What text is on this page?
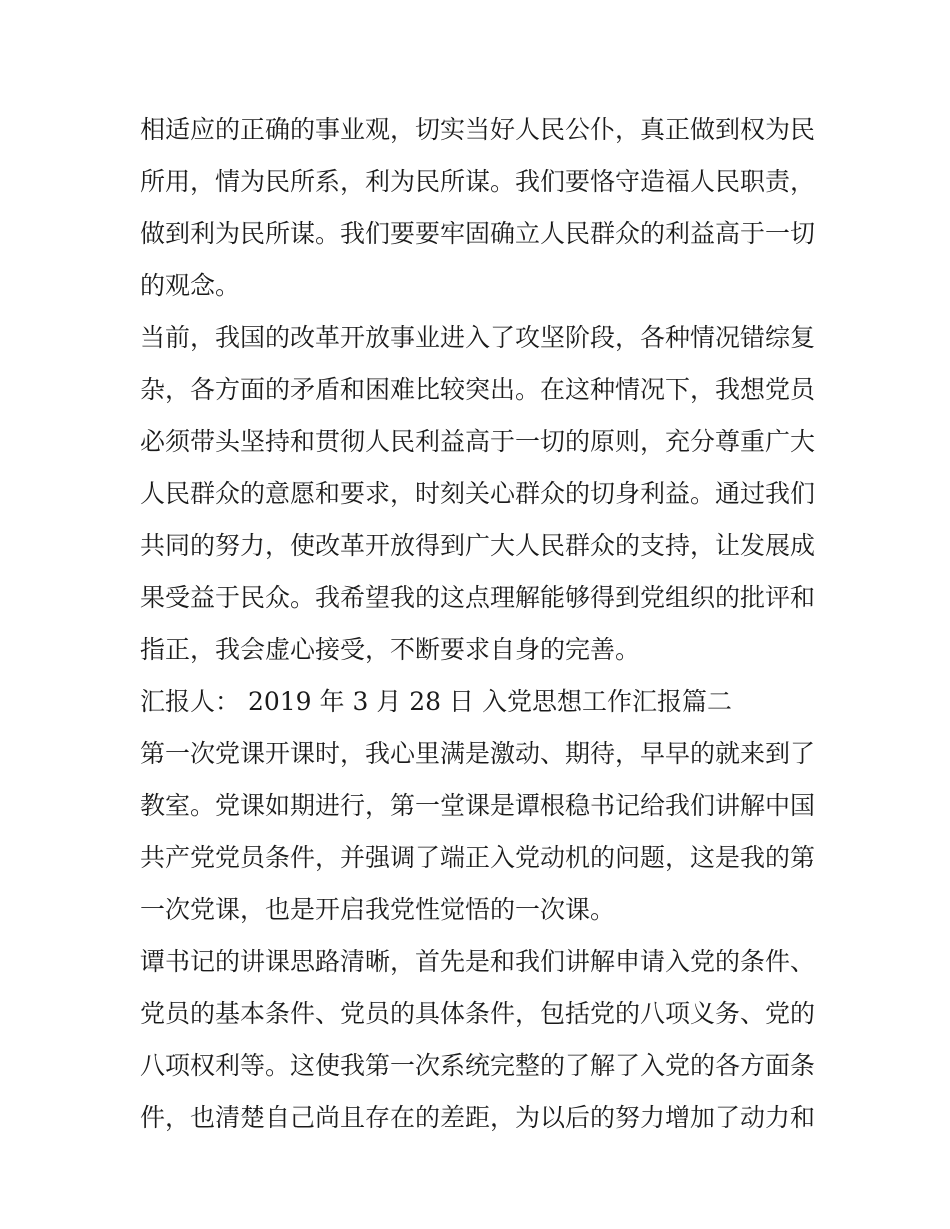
相适应的正确的事业观，切实当好人民公仆，真正做到权为民
所用，情为民所系，利为民所谋。我们要恪守造福人民职责，
做到利为民所谋。我们要要牢固确立人民群众的利益高于一切
的观念。
当前，我国的改革开放事业进入了攻坚阶段，各种情况错综复
杂，各方面的矛盾和困难比较突出。在这种情况下，我想党员
必须带头坚持和贯彻人民利益高于一切的原则，充分尊重广大
人民群众的意愿和要求，时刻关心群众的切身利益。通过我们
共同的努力，使改革开放得到广大人民群众的支持，让发展成
果受益于民众。我希望我的这点理解能够得到党组织的批评和
指正，我会虚心接受，不断要求自身的完善。
汇报人： 2019 年 3 月 28 日 入党思想工作汇报篇二
第一次党课开课时，我心里满是激动、期待，早早的就来到了
教室。党课如期进行，第一堂课是谭根稳书记给我们讲解中国
共产党党员条件，并强调了端正入党动机的问题，这是我的第
一次党课，也是开启我党性觉悟的一次课。
谭书记的讲课思路清晰，首先是和我们讲解申请入党的条件、
党员的基本条件、党员的具体条件，包括党的八项义务、党的
八项权利等。这使我第一次系统完整的了解了入党的各方面条
件，也清楚自己尚且存在的差距，为以后的努力增加了动力和
